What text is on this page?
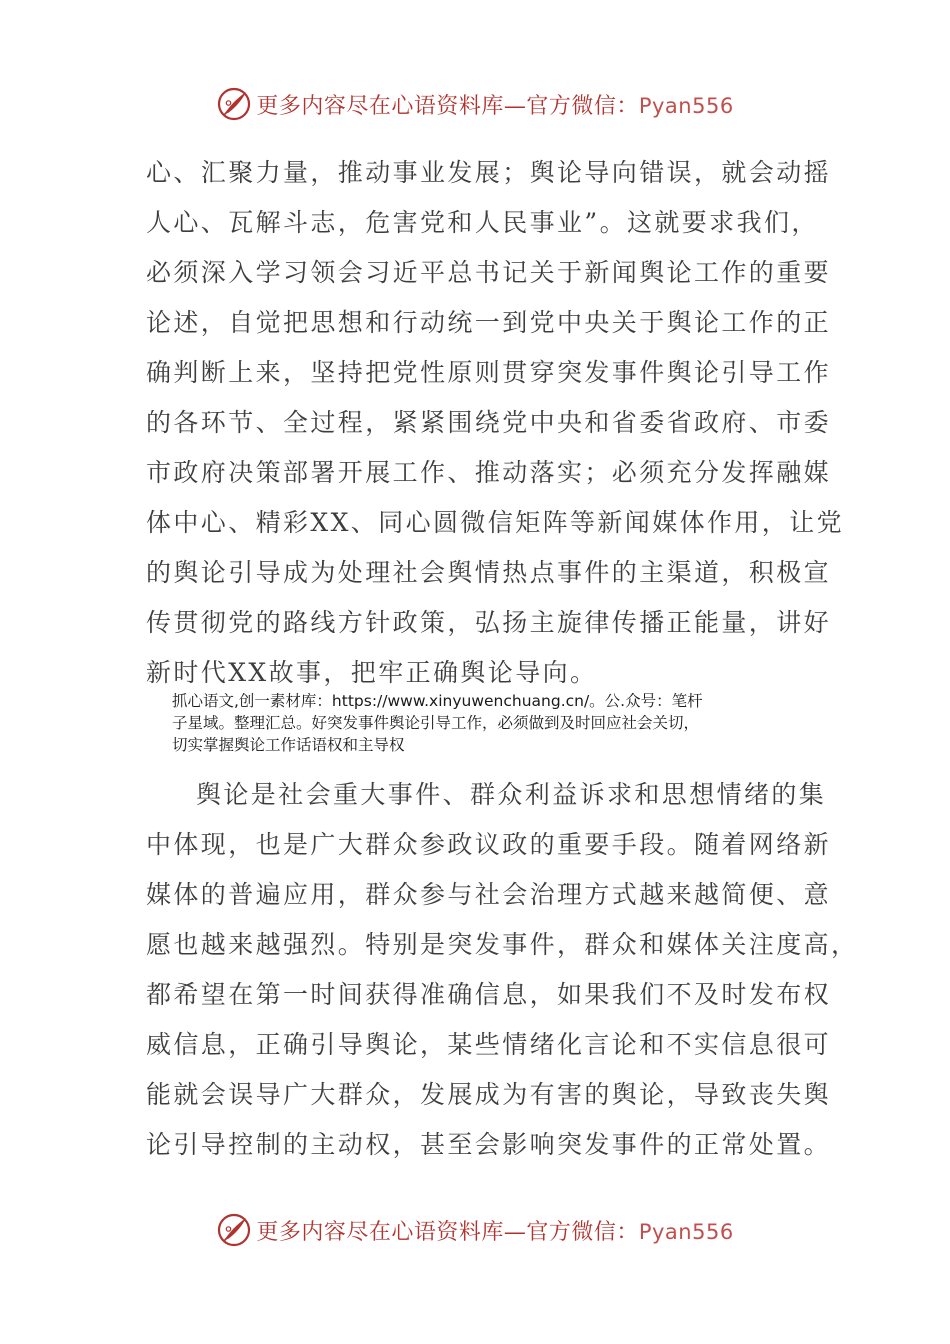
更多内容尽在心语资料库—官方微信：Pyan556
心、汇聚力量，推动事业发展；舆论导向错误，就会动摇
人心、瓦解斗志，危害党和人民事业”。这就要求我们，
必须深入学习领会习近平总书记关于新闻舆论工作的重要
论述，自觉把思想和行动统一到党中央关于舆论工作的正
确判断上来，坚持把党性原则贯穿突发事件舆论引导工作
的各环节、全过程，紧紧围绕党中央和省委省政府、市委
市政府决策部署开展工作、推动落实；必须充分发挥融媒
体中心、精彩XX、同心圆微信矩阵等新闻媒体作用，让党
的舆论引导成为处理社会舆情热点事件的主渠道，积极宣
传贯彻党的路线方针政策，弘扬主旋律传播正能量，讲好
新时代XX故事，把牢正确舆论导向。
抓心语文,创一素材库：https://www.xinyuwenchuang.cn/。公.众号：笔杆
子星域。整理汇总。好突发事件舆论引导工作，必须做到及时回应社会关切，
切实掌握舆论工作话语权和主导权
舆论是社会重大事件、群众利益诉求和思想情绪的集
中体现，也是广大群众参政议政的重要手段。随着网络新
媒体的普遍应用，群众参与社会治理方式越来越简便、意
愿也越来越强烈。特别是突发事件，群众和媒体关注度高，
都希望在第一时间获得准确信息，如果我们不及时发布权
威信息，正确引导舆论，某些情绪化言论和不实信息很可
能就会误导广大群众，发展成为有害的舆论，导致丧失舆
论引导控制的主动权，甚至会影响突发事件的正常处置。
更多内容尽在心语资料库—官方微信：Pyan556
